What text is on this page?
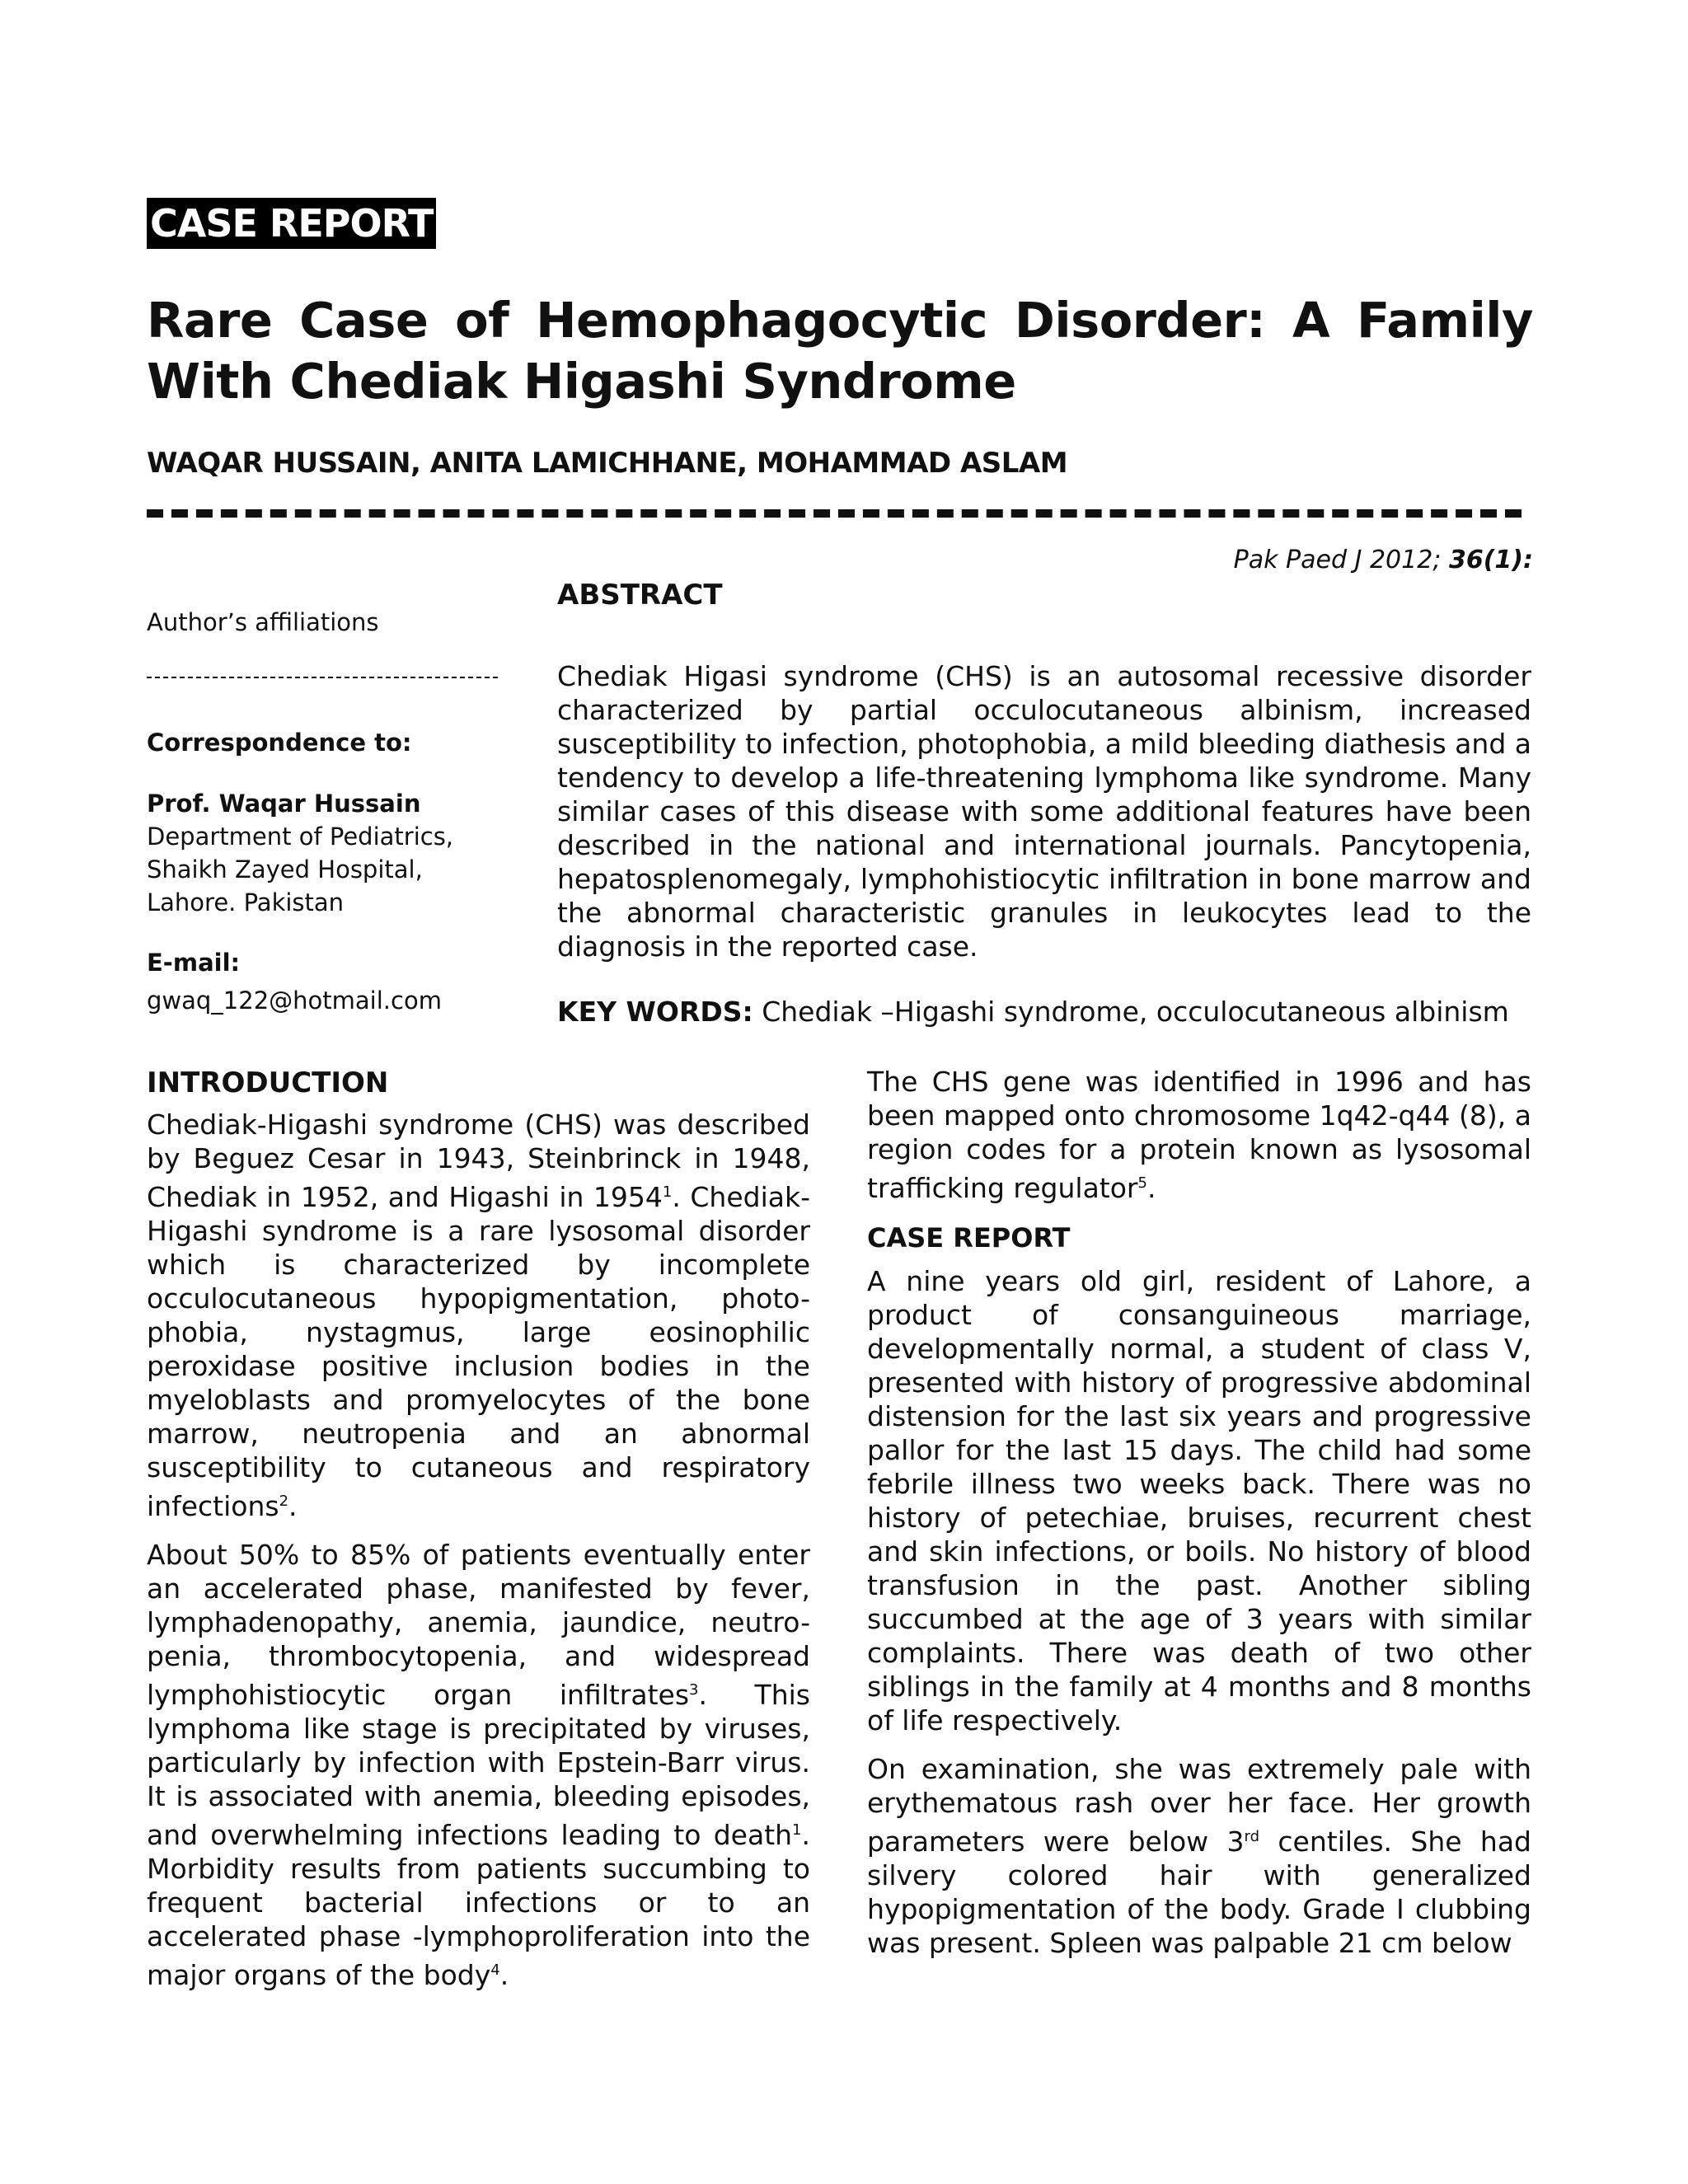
CASE REPORT
Rare Case of Hemophagocytic Disorder: A Family With Chediak Higashi Syndrome
WAQAR HUSSAIN, ANITA LAMICHHANE, MOHAMMAD ASLAM
Pak Paed J 2012; 36(1):
ABSTRACT
Author’s affiliations
Correspondence to:
Prof. Waqar Hussain
Department of Pediatrics,
Shaikh Zayed Hospital,
Lahore. Pakistan
E-mail:
gwaq_122@hotmail.com

Chediak Higasi syndrome (CHS) is an autosomal recessive disorder characterized by partial occulocutaneous albinism, increased susceptibility to infection, photophobia, a mild bleeding diathesis and a tendency to develop a life-threatening lymphoma like syndrome. Many similar cases of this disease with some additional features have been described in the national and international journals. Pancytopenia, hepatosplenomegaly, lymphohistiocytic infiltration in bone marrow and the abnormal characteristic granules in leukocytes lead to the diagnosis in the reported case.

KEY WORDS: Chediak –Higashi syndrome, occulocutaneous albinism
INTRODUCTION

Chediak-Higashi syndrome (CHS) was described by Beguez Cesar in 1943, Steinbrinck in 1948, Chediak in 1952, and Higashi in 1954$^1$. Chediak-Higashi syndrome is a rare lysosomal disorder which is characterized by incomplete occulocutaneous hypopigmentation, photo-phobia, nystagmus, large eosinophilic peroxidase positive inclusion bodies in the myeloblasts and promyelocytes of the bone marrow, neutropenia and an abnormal susceptibility to cutaneous and respiratory infections$^2$.

About 50% to 85% of patients eventually enter an accelerated phase, manifested by fever, lymphadenopathy, anemia, jaundice, neutro-penia, thrombocytopenia, and widespread lymphohistiocytic organ infiltrates$^3$. This lymphoma like stage is precipitated by viruses, particularly by infection with Epstein-Barr virus. It is associated with anemia, bleeding episodes, and overwhelming infections leading to death$^1$. Morbidity results from patients succumbing to frequent bacterial infections or to an accelerated phase -lymphoproliferation into the major organs of the body$^4$.

The CHS gene was identified in 1996 and has been mapped onto chromosome 1q42-q44 (8), a region codes for a protein known as lysosomal trafficking regulator$^5$.

CASE REPORT

A nine years old girl, resident of Lahore, a product of consanguineous marriage, developmentally normal, a student of class V, presented with history of progressive abdominal distension for the last six years and progressive pallor for the last 15 days. The child had some febrile illness two weeks back. There was no history of petechiae, bruises, recurrent chest and skin infections, or boils. No history of blood transfusion in the past. Another sibling succumbed at the age of 3 years with similar complaints. There was death of two other siblings in the family at 4 months and 8 months of life respectively.

On examination, she was extremely pale with erythematous rash over her face. Her growth parameters were below 3rd centiles. She had silvery colored hair with generalized hypopigmentation of the body. Grade I clubbing was present. Spleen was palpable 21 cm below
